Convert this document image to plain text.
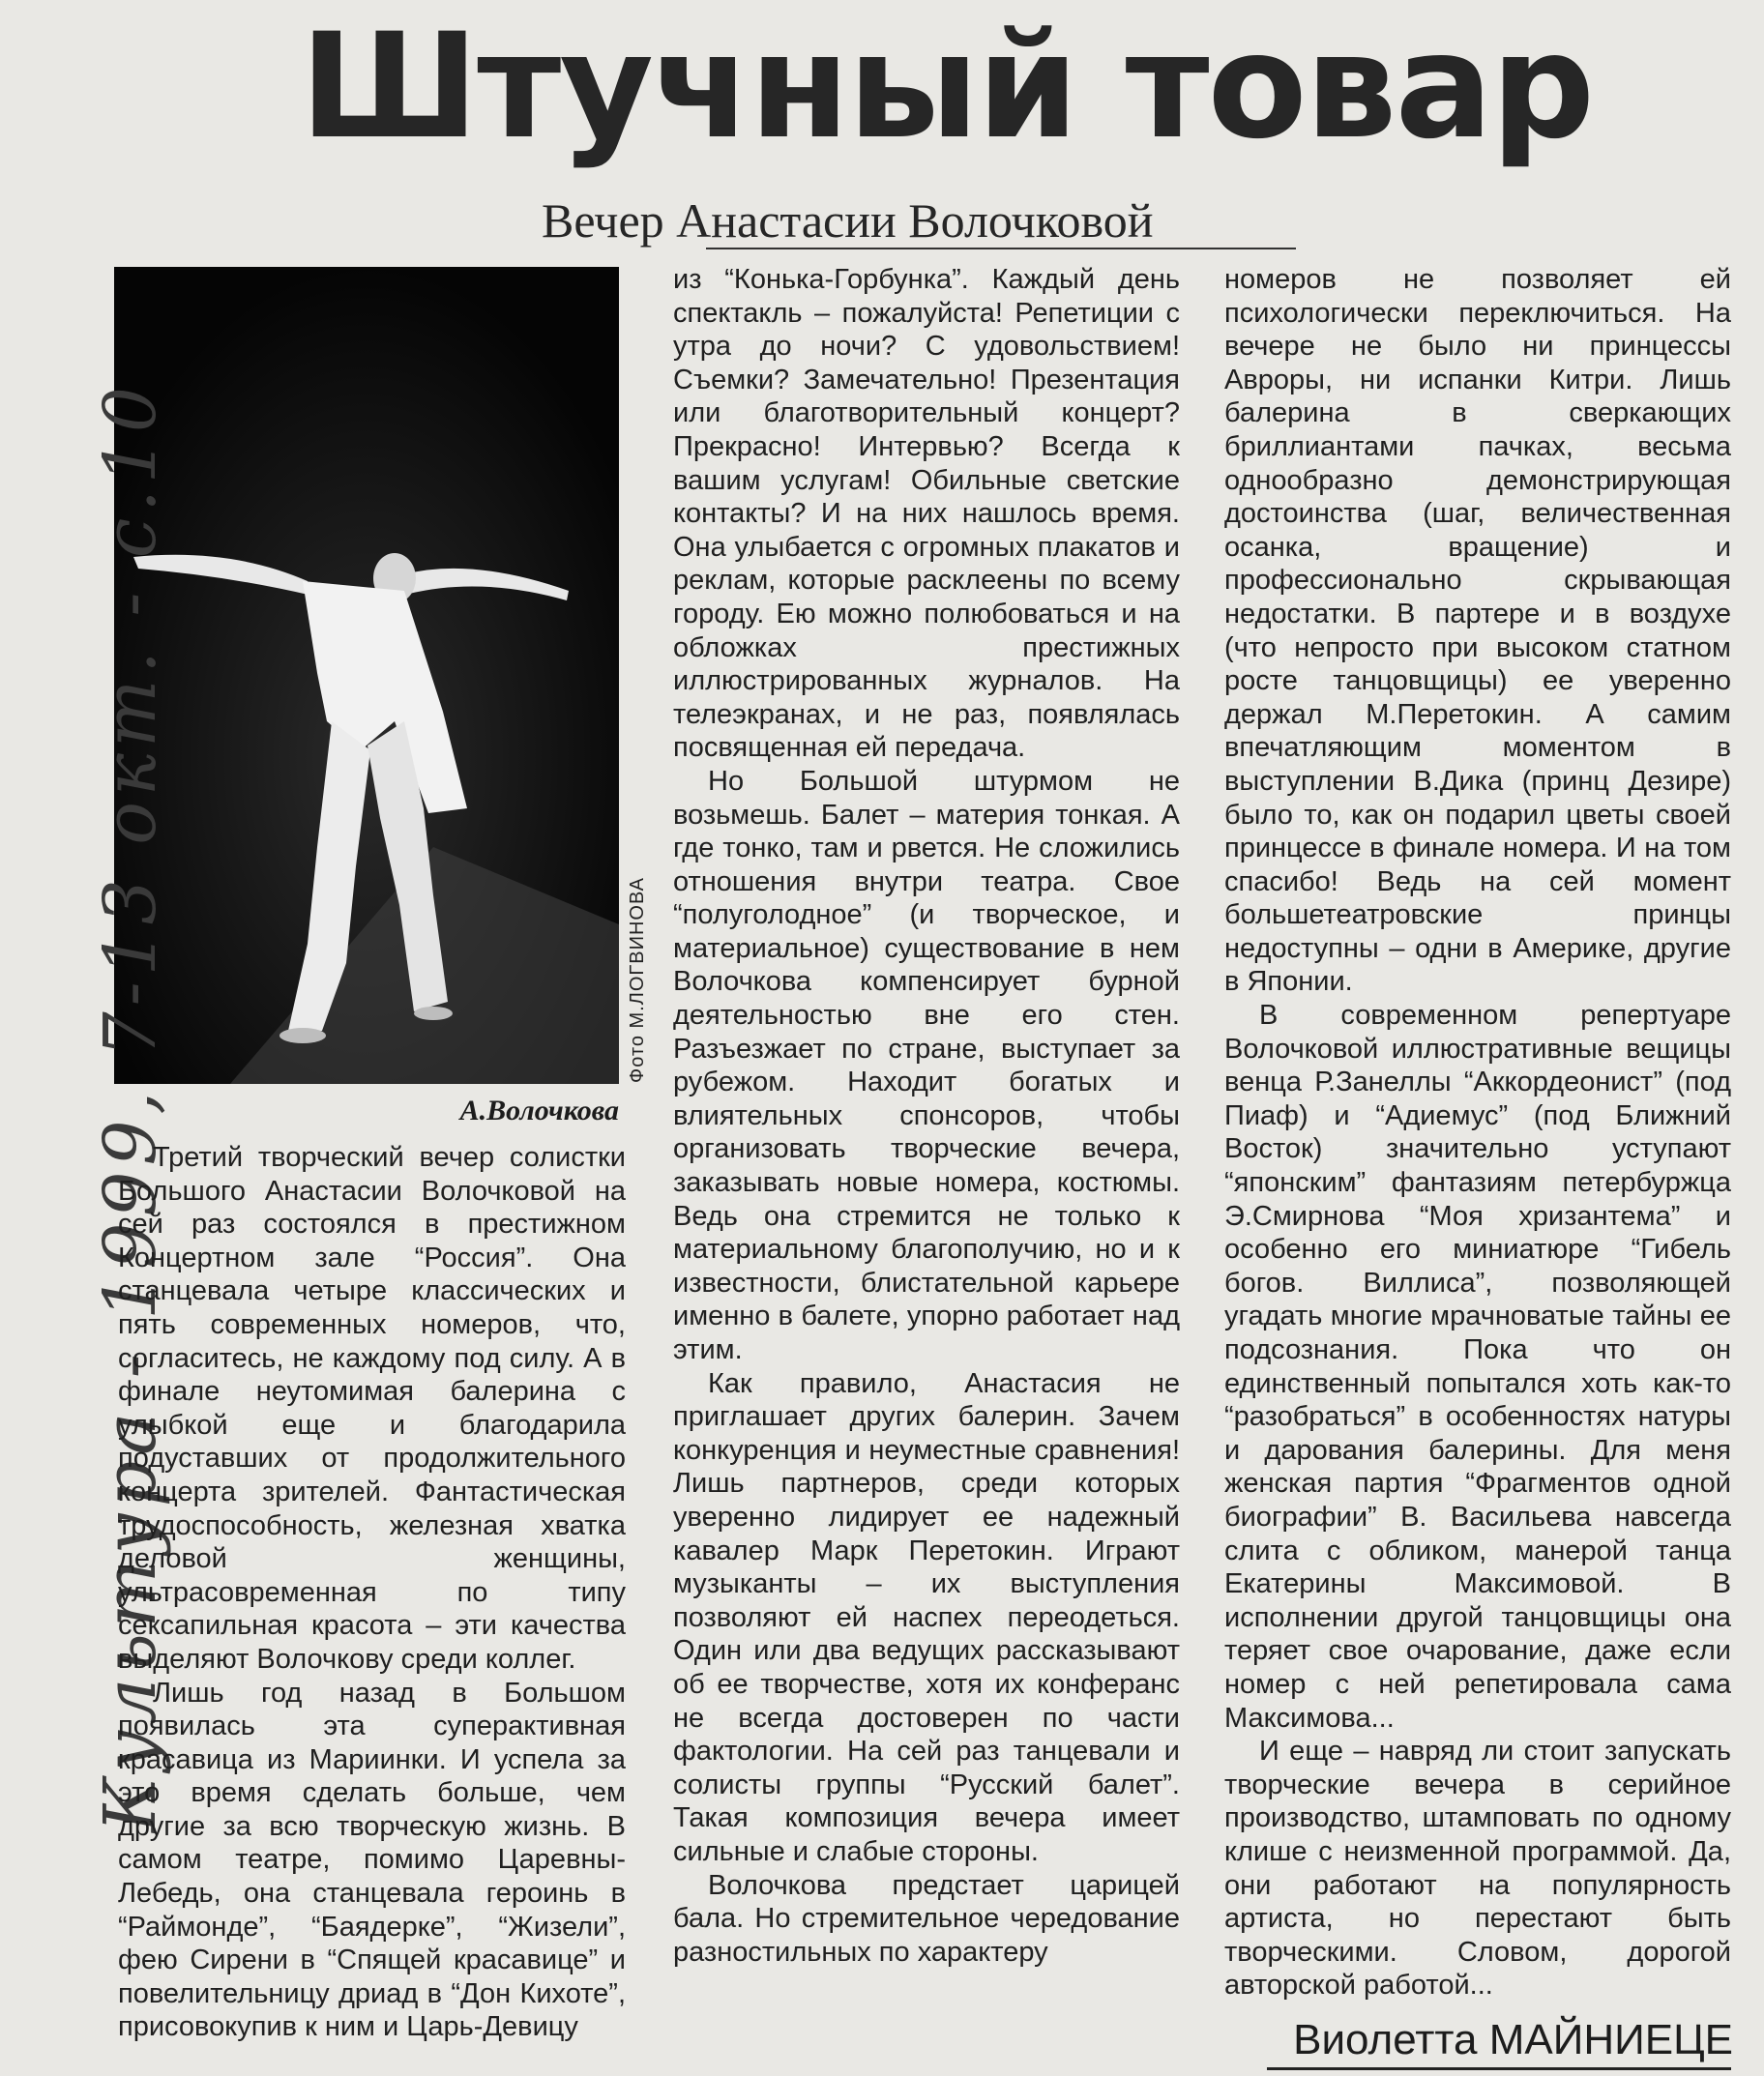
Штучный товар
Вечер Анастасии Волочковой
Фото М.ЛОГВИНОВА
А.Волочкова
Культура - 1999, 7-13 окт. - с.10

Третий творческий вечер солистки Большого Анастасии Волочковой на сей раз состоялся в престижном Концертном зале “Россия”. Она станцевала четыре классических и пять современных номеров, что, согласитесь, не каждому под силу. А в финале неутомимая балерина с улыбкой еще и благодарила подуставших от продолжительного концерта зрителей. Фантастическая трудоспособность, железная хватка деловой женщины, ультрасовременная по типу сексапильная красота – эти качества выделяют Волочкову среди коллег.

Лишь год назад в Большом появилась эта суперактивная красавица из Мариинки. И успела за это время сделать больше, чем другие за всю творческую жизнь. В самом театре, помимо Царевны-Лебедь, она станцевала героинь в “Раймонде”, “Баядерке”, “Жизели”, фею Сирени в “Спящей красавице” и повелительницу дриад в “Дон Кихоте”, присовокупив к ним и Царь-Девицу

из “Конька-Горбунка”. Каждый день спектакль – пожалуйста! Репетиции с утра до ночи? С удовольствием! Съемки? Замечательно! Презентация или благотворительный концерт? Прекрасно! Интервью? Всегда к вашим услугам! Обильные светские контакты? И на них нашлось время. Она улыбается с огромных плакатов и реклам, которые расклеены по всему городу. Ею можно полюбоваться и на обложках престижных иллюстрированных журналов. На телеэкранах, и не раз, появлялась посвященная ей передача.

Но Большой штурмом не возьмешь. Балет – материя тонкая. А где тонко, там и рвется. Не сложились отношения внутри театра. Свое “полуголодное” (и творческое, и материальное) существование в нем Волочкова компенсирует бурной деятельностью вне его стен. Разъезжает по стране, выступает за рубежом. Находит богатых и влиятельных спонсоров, чтобы организовать творческие вечера, заказывать новые номера, костюмы. Ведь она стремится не только к материальному благополучию, но и к известности, блистательной карьере именно в балете, упорно работает над этим.

Как правило, Анастасия не приглашает других балерин. Зачем конкуренция и неуместные сравнения! Лишь партнеров, среди которых уверенно лидирует ее надежный кавалер Марк Перетокин. Играют музыканты – их выступления позволяют ей наспех переодеться. Один или два ведущих рассказывают об ее творчестве, хотя их конферанс не всегда достоверен по части фактологии. На сей раз танцевали и солисты группы “Русский балет”. Такая композиция вечера имеет сильные и слабые стороны.

Волочкова предстает царицей бала. Но стремительное чередование разностильных по характеру

номеров не позволяет ей психологически переключиться. На вечере не было ни принцессы Авроры, ни испанки Китри. Лишь балерина в сверкающих бриллиантами пачках, весьма однообразно демонстрирующая достоинства (шаг, величественная осанка, вращение) и профессионально скрывающая недостатки. В партере и в воздухе (что непросто при высоком статном росте танцовщицы) ее уверенно держал М.Перетокин. А самим впечатляющим моментом в выступлении В.Дика (принц Дезире) было то, как он подарил цветы своей принцессе в финале номера. И на том спасибо! Ведь на сей момент большетеатровские принцы недоступны – одни в Америке, другие в Японии.

В современном репертуаре Волочковой иллюстративные вещицы венца Р.Занеллы “Аккордеонист” (под Пиаф) и “Адиемус” (под Ближний Восток) значительно уступают “японским” фантазиям петербуржца Э.Смирнова “Моя хризантема” и особенно его миниатюре “Гибель богов. Виллиса”, позволяющей угадать многие мрачноватые тайны ее подсознания. Пока что он единственный попытался хоть как-то “разобраться” в особенностях натуры и дарования балерины. Для меня женская партия “Фрагментов одной биографии” В. Васильева навсегда слита с обликом, манерой танца Екатерины Максимовой. В исполнении другой танцовщицы она теряет свое очарование, даже если номер с ней репетировала сама Максимова...

И еще – навряд ли стоит запускать творческие вечера в серийное производство, штамповать по одному клише с неизменной программой. Да, они работают на популярность артиста, но перестают быть творческими. Словом, дорогой авторской работой...

Виолетта МАЙНИЕЦЕ
